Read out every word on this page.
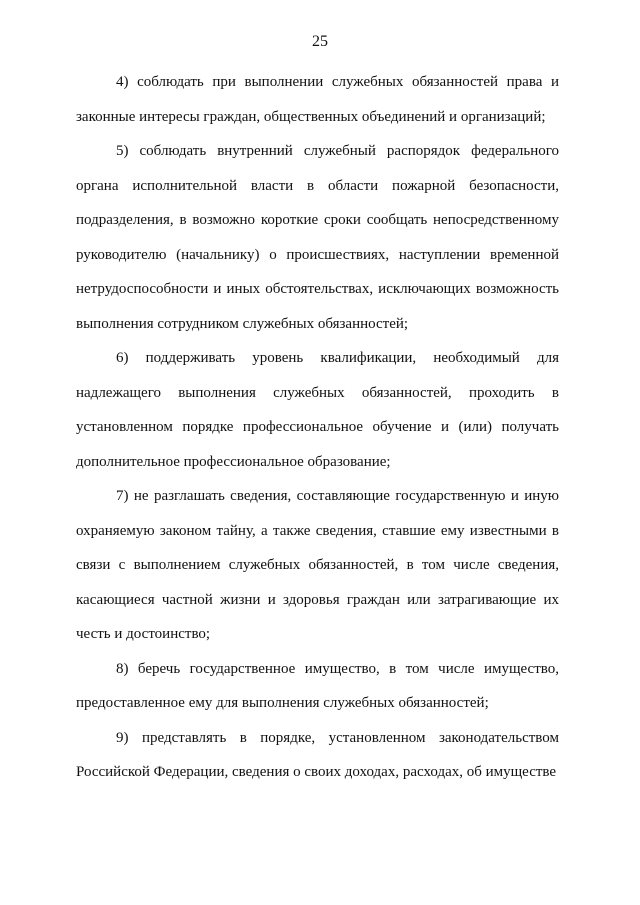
25

4) соблюдать при выполнении служебных обязанностей права и законные интересы граждан, общественных объединений и организаций;

5) соблюдать внутренний служебный распорядок федерального органа исполнительной власти в области пожарной безопасности, подразделения, в возможно короткие сроки сообщать непосредственному руководителю (начальнику) о происшествиях, наступлении временной нетрудоспособности и иных обстоятельствах, исключающих возможность выполнения сотрудником служебных обязанностей;

6) поддерживать уровень квалификации, необходимый для надлежащего выполнения служебных обязанностей, проходить в установленном порядке профессиональное обучение и (или) получать дополнительное профессиональное образование;

7) не разглашать сведения, составляющие государственную и иную охраняемую законом тайну, а также сведения, ставшие ему известными в связи с выполнением служебных обязанностей, в том числе сведения, касающиеся частной жизни и здоровья граждан или затрагивающие их честь и достоинство;

8) беречь государственное имущество, в том числе имущество, предоставленное ему для выполнения служебных обязанностей;

9) представлять в порядке, установленном законодательством Российской Федерации, сведения о своих доходах, расходах, об имуществе
